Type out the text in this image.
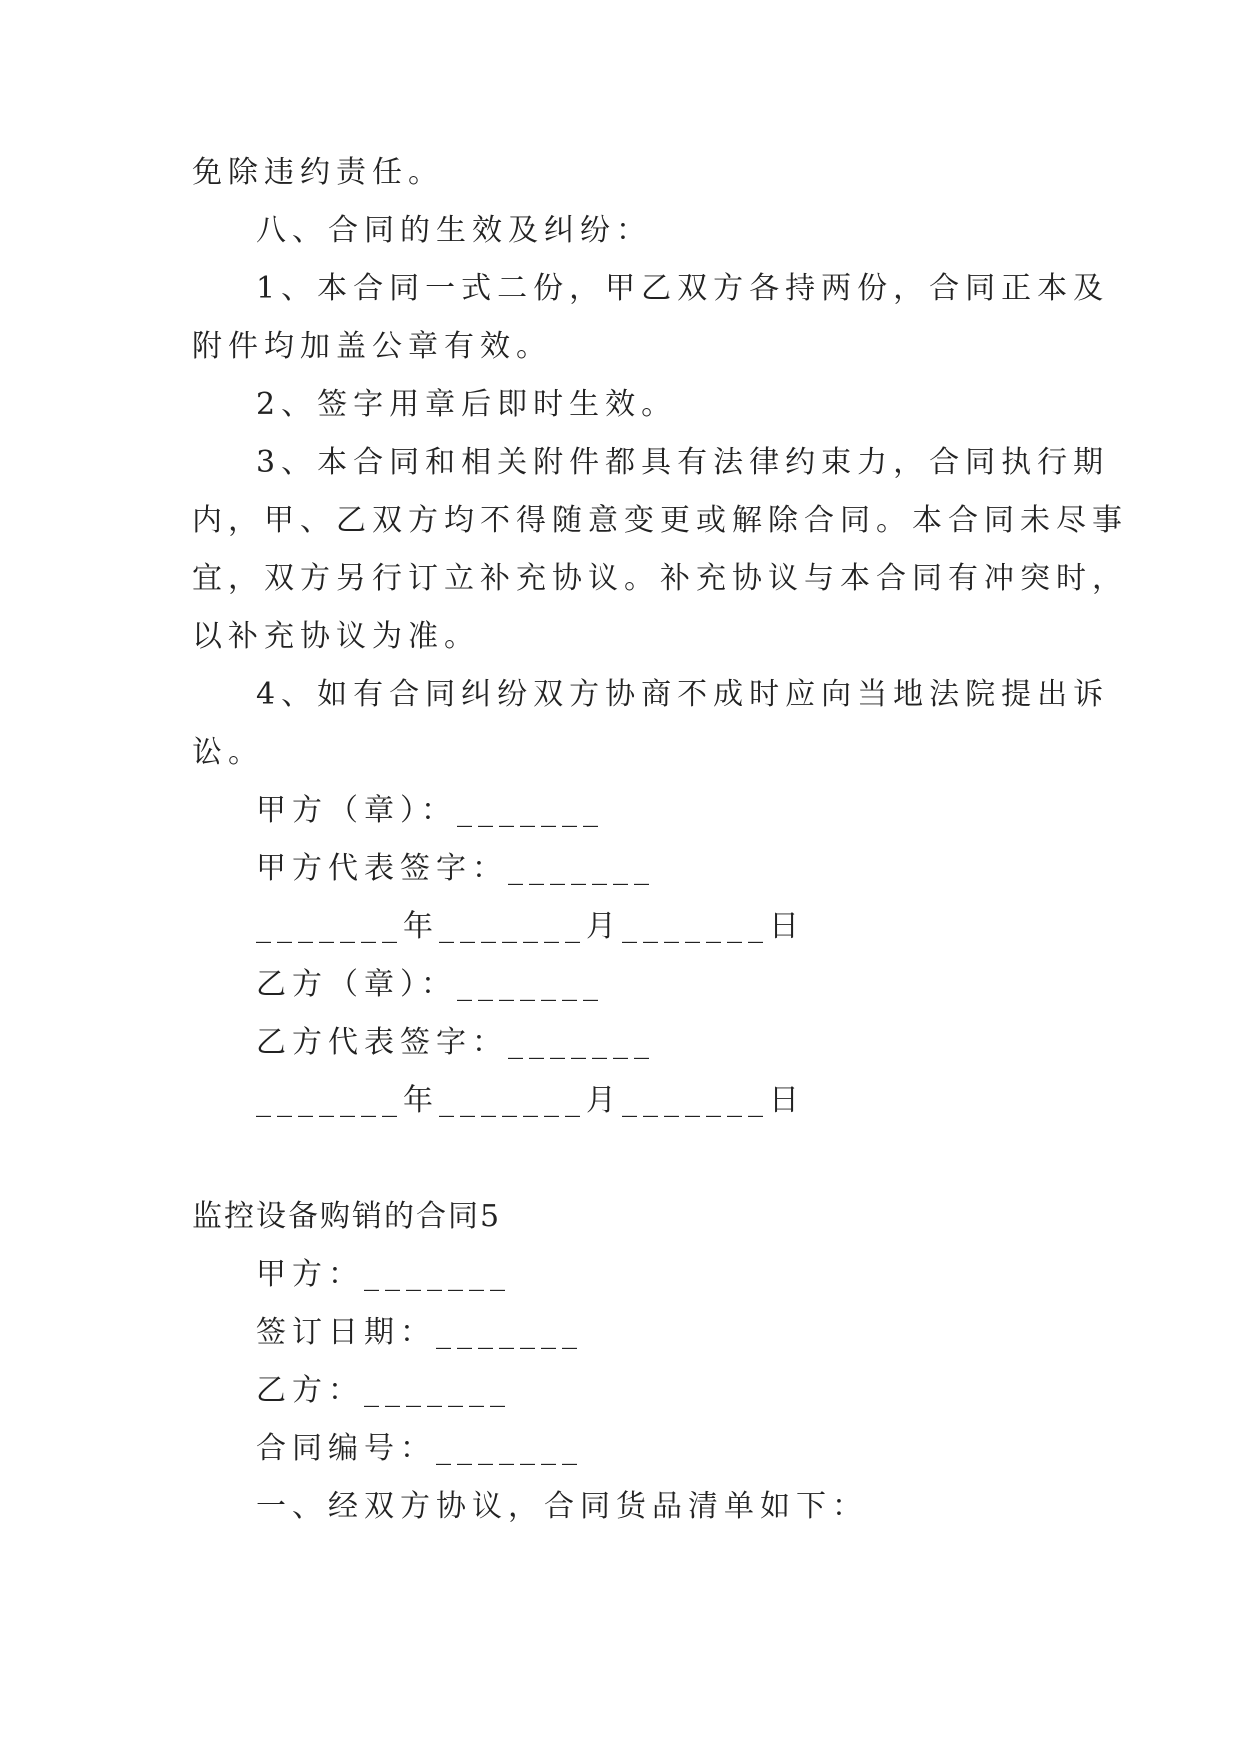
免除违约责任。
八、合同的生效及纠纷：
1、本合同一式二份，甲乙双方各持两份，合同正本及
附件均加盖公章有效。
2、签字用章后即时生效。
3、本合同和相关附件都具有法律约束力，合同执行期
内，甲、乙双方均不得随意变更或解除合同。本合同未尽事
宜，双方另行订立补充协议。补充协议与本合同有冲突时，
以补充协议为准。
4、如有合同纠纷双方协商不成时应向当地法院提出诉
讼。
甲方（章）：_______
甲方代表签字：_______
_______年_______月_______日
乙方（章）：_______
乙方代表签字：_______
_______年_______月_______日
监控设备购销的合同5
甲方：_______
签订日期：_______
乙方：_______
合同编号：_______
一、经双方协议，合同货品清单如下：
